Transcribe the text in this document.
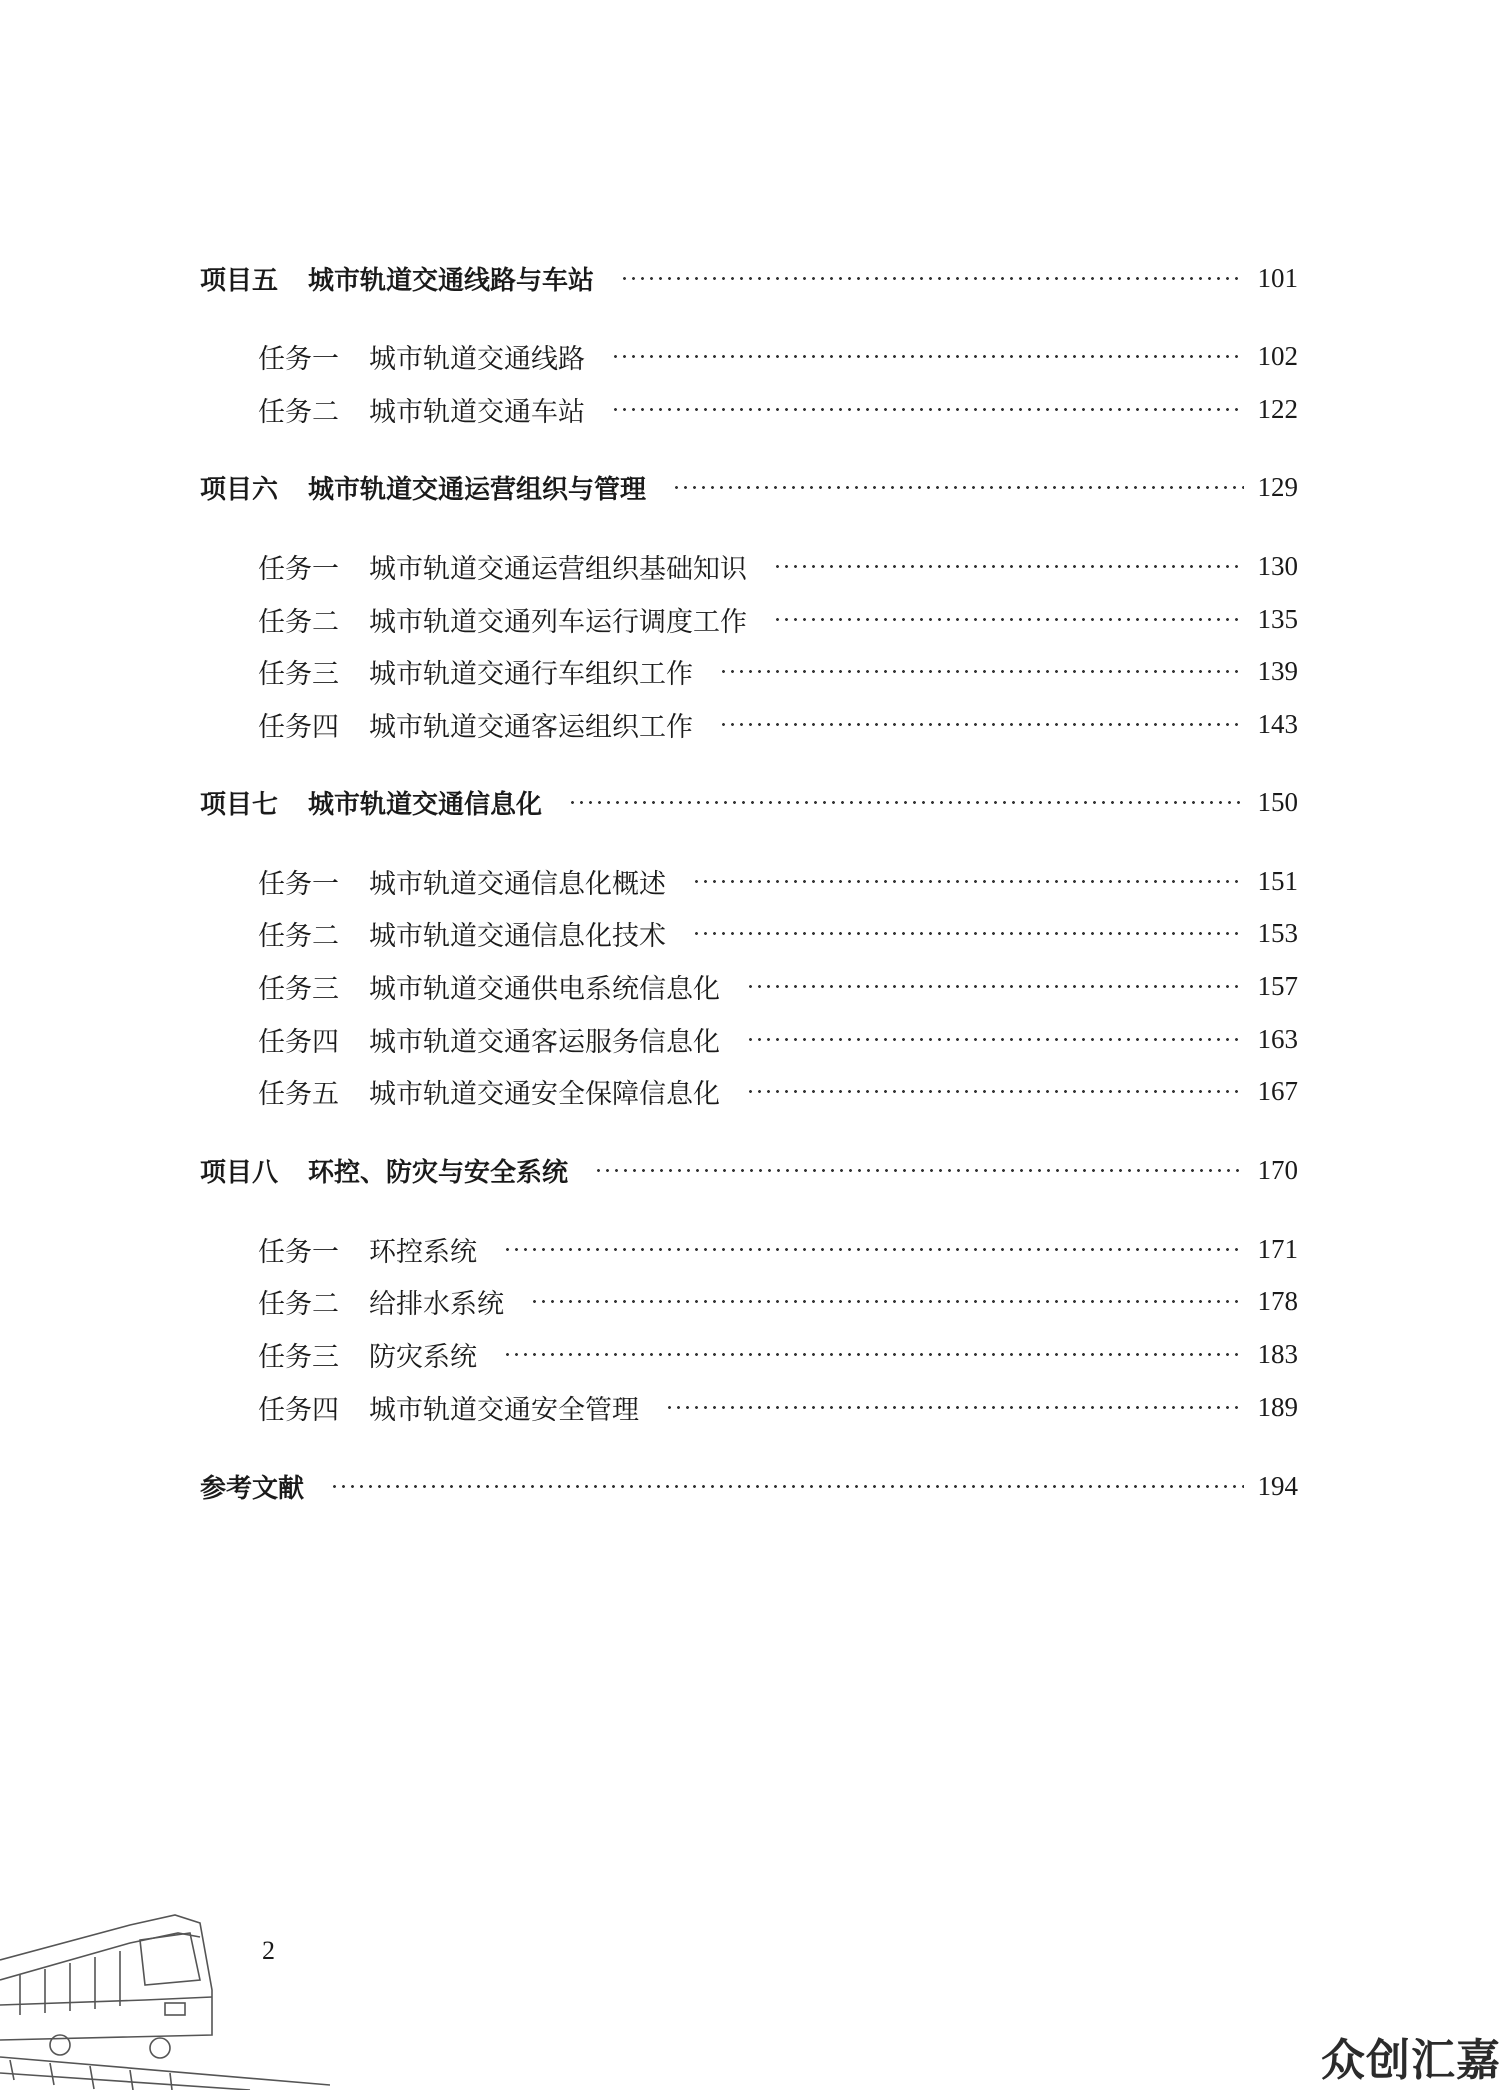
项目五 城市轨道交通线路与车站	101
任务一 城市轨道交通线路	102
任务二 城市轨道交通车站	122
项目六 城市轨道交通运营组织与管理	129
任务一 城市轨道交通运营组织基础知识	130
任务二 城市轨道交通列车运行调度工作	135
任务三 城市轨道交通行车组织工作	139
任务四 城市轨道交通客运组织工作	143
项目七 城市轨道交通信息化	150
任务一 城市轨道交通信息化概述	151
任务二 城市轨道交通信息化技术	153
任务三 城市轨道交通供电系统信息化	157
任务四 城市轨道交通客运服务信息化	163
任务五 城市轨道交通安全保障信息化	167
项目八 环控、防灾与安全系统	170
任务一 环控系统	171
任务二 给排水系统	178
任务三 防灾系统	183
任务四 城市轨道交通安全管理	189
参考文献	194
2
众创汇嘉
